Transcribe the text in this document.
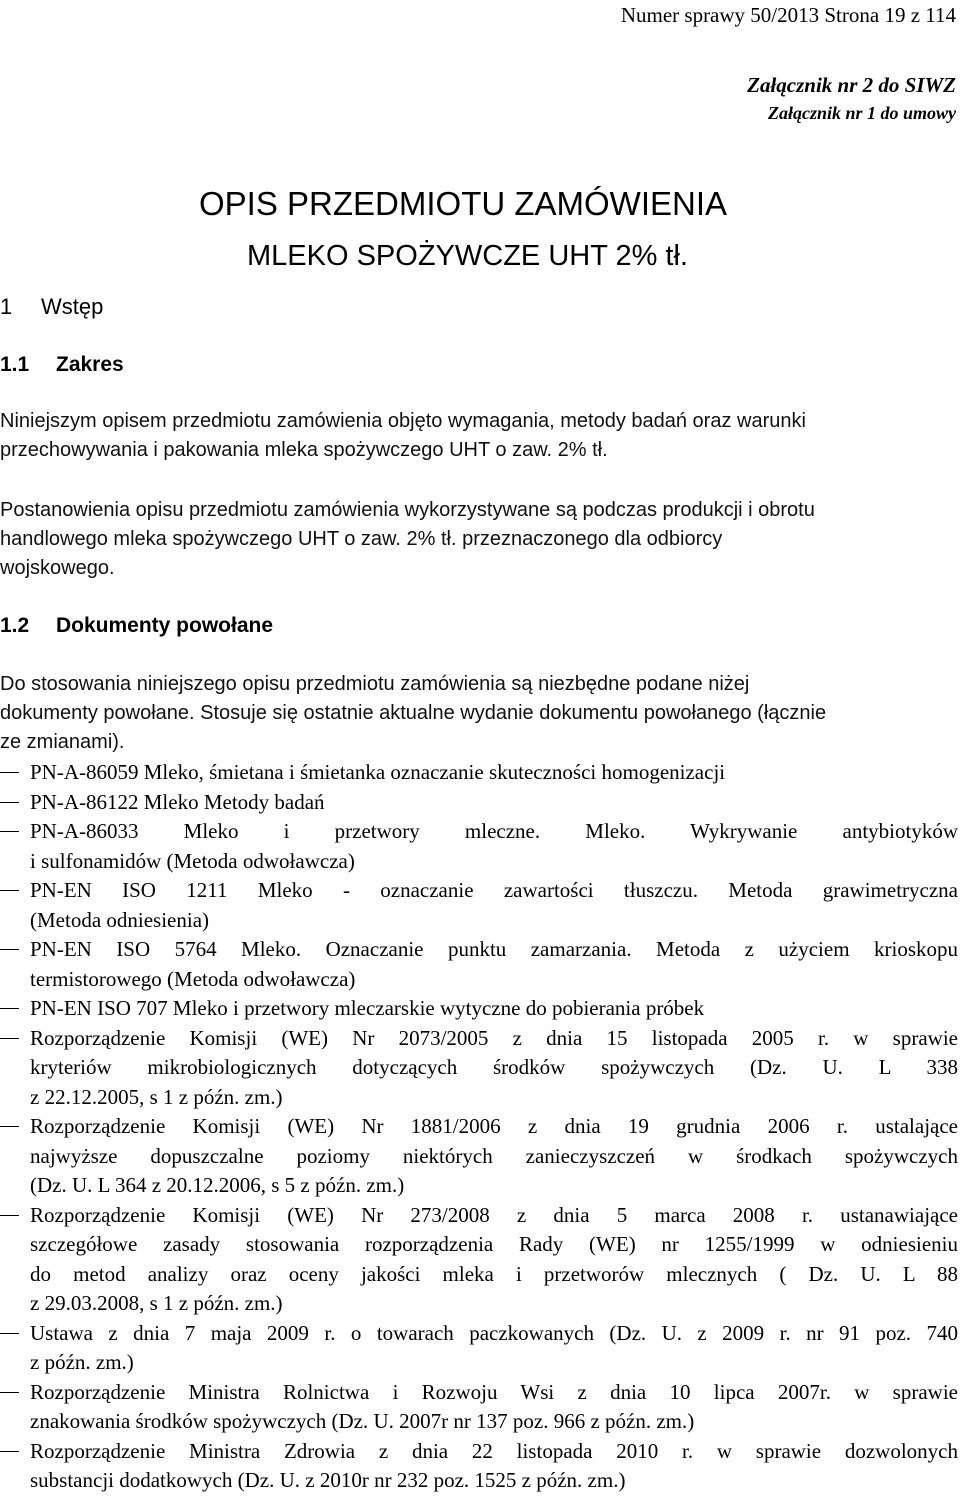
Numer sprawy 50/2013 Strona 19 z 114
Załącznik nr 2 do SIWZ
Załącznik nr 1 do umowy
OPIS PRZEDMIOTU ZAMÓWIENIA
MLEKO SPOŻYWCZE UHT 2% tł.
1 Wstęp
1.1 Zakres
Niniejszym opisem przedmiotu zamówienia objęto wymagania, metody badań oraz warunki
przechowywania i pakowania mleka spożywczego UHT o zaw. 2% tł.
Postanowienia opisu przedmiotu zamówienia wykorzystywane są podczas produkcji i obrotu
handlowego mleka spożywczego UHT o zaw. 2% tł. przeznaczonego dla odbiorcy
wojskowego.
1.2 Dokumenty powołane
Do stosowania niniejszego opisu przedmiotu zamówienia są niezbędne podane niżej
dokumenty powołane. Stosuje się ostatnie aktualne wydanie dokumentu powołanego (łącznie
ze zmianami).
PN-A-86059 Mleko, śmietana i śmietanka oznaczanie skuteczności homogenizacji
PN-A-86122 Mleko Metody badań
PN-A-86033 Mleko i przetwory mleczne. Mleko. Wykrywanie antybiotyków
i sulfonamidów (Metoda odwoławcza)
PN-EN ISO 1211 Mleko - oznaczanie zawartości tłuszczu. Metoda grawimetryczna
(Metoda odniesienia)
PN-EN ISO 5764 Mleko. Oznaczanie punktu zamarzania. Metoda z użyciem krioskopu
termistorowego (Metoda odwoławcza)
PN-EN ISO 707 Mleko i przetwory mleczarskie wytyczne do pobierania próbek
Rozporządzenie Komisji (WE) Nr 2073/2005 z dnia 15 listopada 2005 r. w sprawie
kryteriów mikrobiologicznych dotyczących środków spożywczych (Dz. U. L 338
z 22.12.2005, s 1 z późn. zm.)
Rozporządzenie Komisji (WE) Nr 1881/2006 z dnia 19 grudnia 2006 r. ustalające
najwyższe dopuszczalne poziomy niektórych zanieczyszczeń w środkach spożywczych
(Dz. U. L 364 z 20.12.2006, s 5 z późn. zm.)
Rozporządzenie Komisji (WE) Nr 273/2008 z dnia 5 marca 2008 r. ustanawiające
szczegółowe zasady stosowania rozporządzenia Rady (WE) nr 1255/1999 w odniesieniu
do metod analizy oraz oceny jakości mleka i przetworów mlecznych ( Dz. U. L 88
z 29.03.2008, s 1 z późn. zm.)
Ustawa z dnia 7 maja 2009 r. o towarach paczkowanych (Dz. U. z 2009 r. nr 91 poz. 740
z późn. zm.)
Rozporządzenie Ministra Rolnictwa i Rozwoju Wsi z dnia 10 lipca 2007r. w sprawie
znakowania środków spożywczych (Dz. U. 2007r nr 137 poz. 966 z późn. zm.)
Rozporządzenie Ministra Zdrowia z dnia 22 listopada 2010 r. w sprawie dozwolonych
substancji dodatkowych (Dz. U. z 2010r nr 232 poz. 1525 z późn. zm.)
